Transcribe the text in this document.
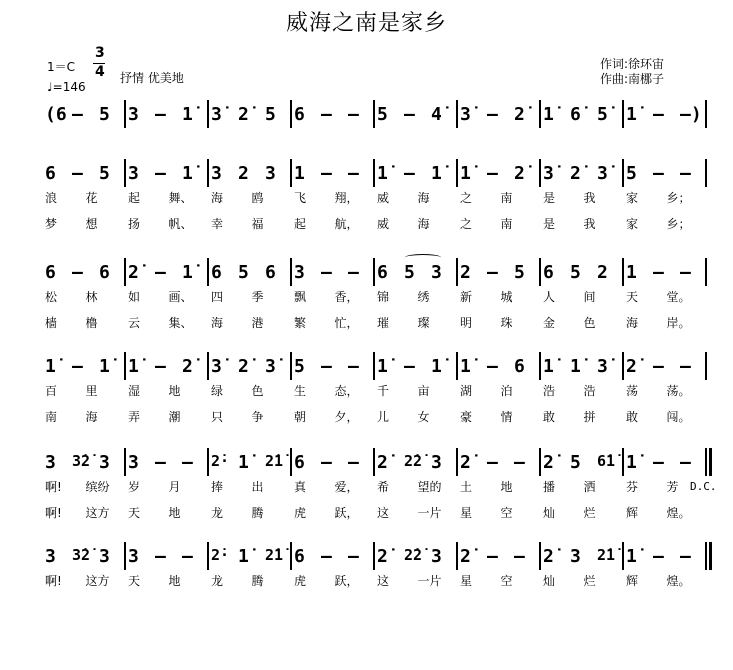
威海之南是家乡
1＝C
3
4
♩=146
抒情 优美地
作词:徐环宙
作曲:南梛子
(6 – 5 3 – 1̇ 3̇ 2̇ 5 6 – – 5 – 4̇ 3̇ – 2̇ 1̇ 6̇ 5̇ 1̇ – –)
6 – 5 3 – 1̇ 3 2 3 1 – – 1̇ – 1̇ 1̇ – 2̇ 3̇ 2̇ 3̇ 5 – –
浪 花	起 舞、 海 鸥	飞 翔， 威 海	之 南	是 我	家 乡；
梦 想	扬 帆、 幸 福	起 航， 威 海	之 南	是 我	家 乡；
6 – 6 2̇ – 1̇ 6 5 6 3 – – 6 5 3 2 – 5 6 5 2 1 – –
松 林	如 画、 四 季	飘 香， 锦 绣	新 城	人 间	天 堂。
樯 橹	云 集、 海 港	繁 忙， 璀 璨	明 珠	金 色	海 岸。
1̇ – 1̇ 1̇ – 2̇ 3̇ 2̇ 3̇ 5 – – 1̇ – 1̇ 1̇ – 6 1̇ 1̇ 3̇ 2̇ – –
百 里	湿 地	绿 色	生 态， 千 亩	湖 泊	浩 浩	荡 荡。
南 海	弄 潮	只 争	朝 夕， 儿 女	豪 情	敢 拼	敢 闯。
3 3̇2̇ 3 3 – – 2̇· 1̇ 2̇1̇ 6 – – 2̇ 2̇2̇ 3 2̇ – – 2̇ 5 6̇1̇ 1̇ – –
啊! 缤纷 岁 月	捧 出	真 爱， 希 望的 土 地	播 洒	芬 芳
啊! 这方 天 地	龙 腾	虎 跃， 这 一片 星 空	灿 烂	辉 煌。
3 3̇2̇ 3 3 – – 2̇· 1̇ 2̇1̇ 6 – – 2̇ 2̇2̇ 3 2̇ – – 2̇ 3 2̇1̇ 1̇ – –
啊! 这方 天 地	龙 腾	虎 跃， 这 一片 星 空	灿 烂	辉 煌。
D.C.
